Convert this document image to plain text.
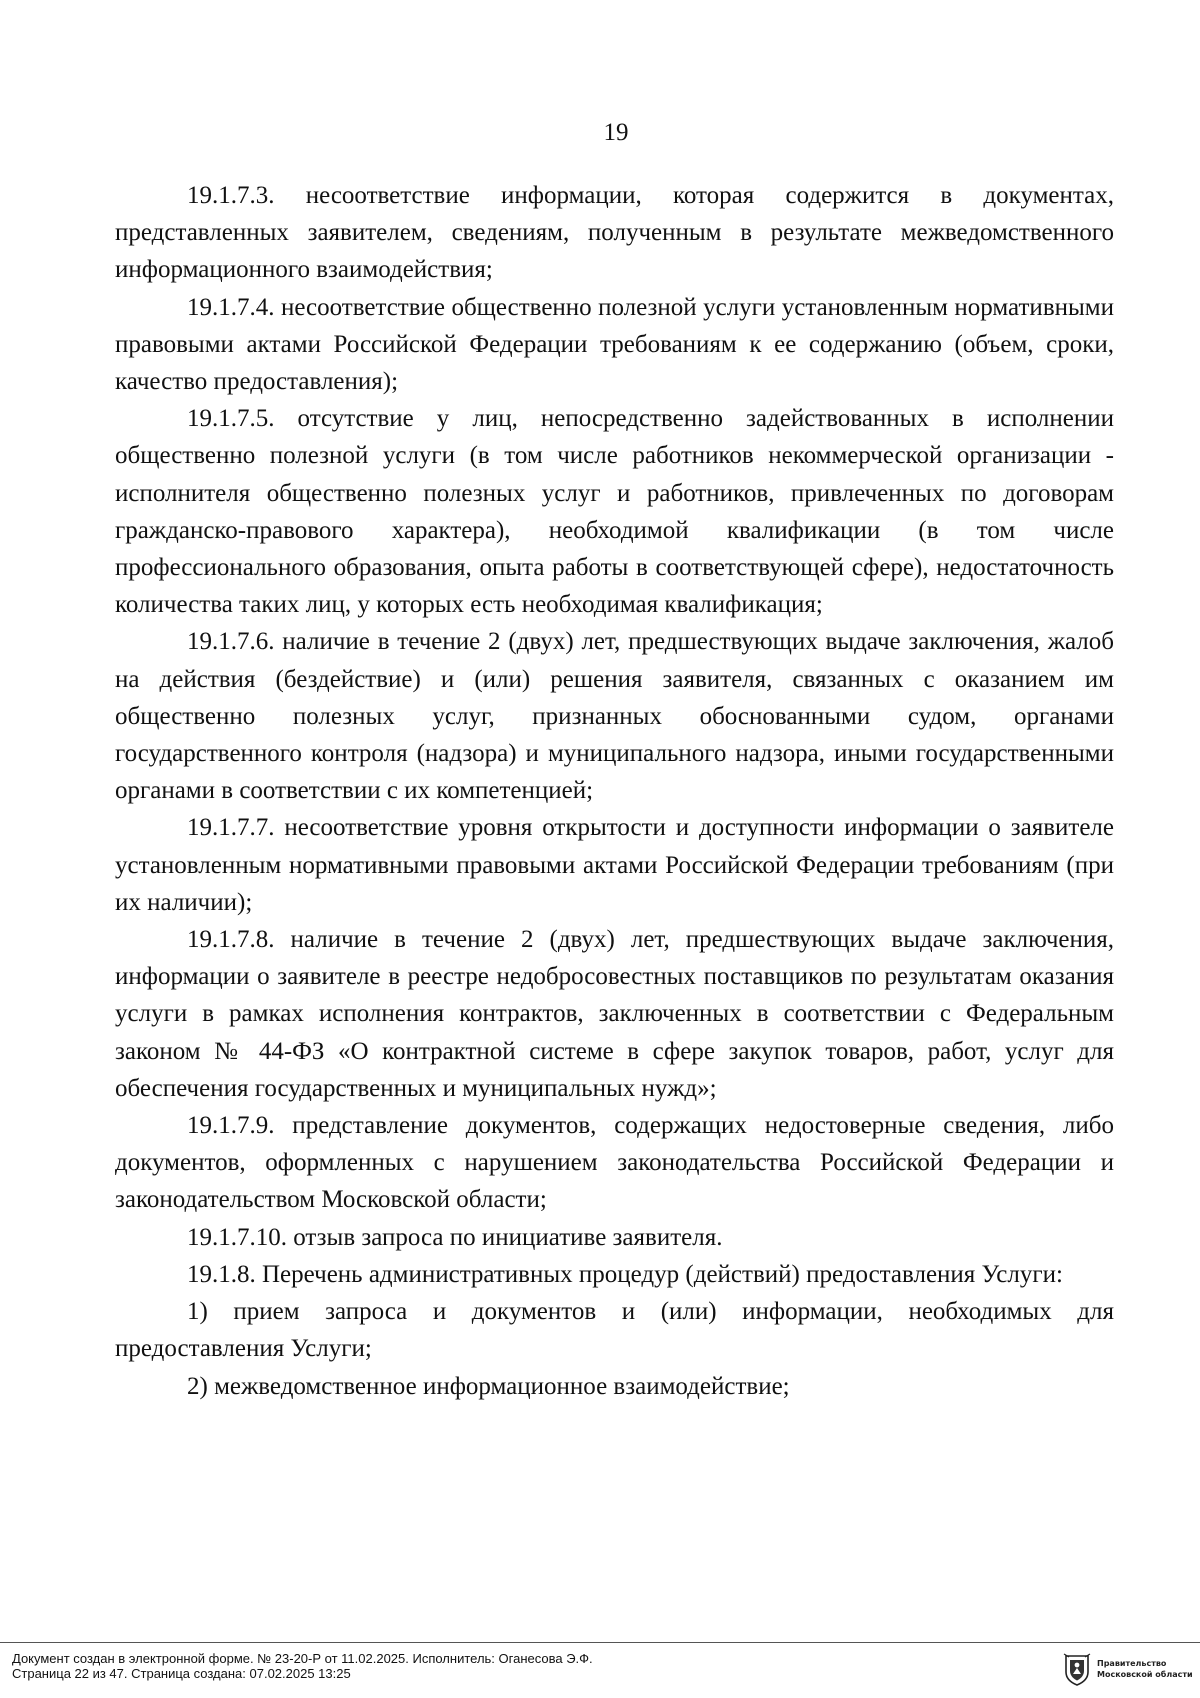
19

19.1.7.3. несоответствие информации, которая содержится в документах, представленных заявителем, сведениям, полученным в результате межведомственного информационного взаимодействия;

19.1.7.4. несоответствие общественно полезной услуги установленным нормативными правовыми актами Российской Федерации требованиям к ее содержанию (объем, сроки, качество предоставления);

19.1.7.5. отсутствие у лиц, непосредственно задействованных в исполнении общественно полезной услуги (в том числе работников некоммерческой организации - исполнителя общественно полезных услуг и работников, привлеченных по договорам гражданско-правового характера), необходимой квалификации (в том числе профессионального образования, опыта работы в соответствующей сфере), недостаточность количества таких лиц, у которых есть необходимая квалификация;

19.1.7.6. наличие в течение 2 (двух) лет, предшествующих выдаче заключения, жалоб на действия (бездействие) и (или) решения заявителя, связанных с оказанием им общественно полезных услуг, признанных обоснованными судом, органами государственного контроля (надзора) и муниципального надзора, иными государственными органами в соответствии с их компетенцией;

19.1.7.7. несоответствие уровня открытости и доступности информации о заявителе установленным нормативными правовыми актами Российской Федерации требованиям (при их наличии);

19.1.7.8. наличие в течение 2 (двух) лет, предшествующих выдаче заключения, информации о заявителе в реестре недобросовестных поставщиков по результатам оказания услуги в рамках исполнения контрактов, заключенных в соответствии с Федеральным законом № 44-ФЗ «О контрактной системе в сфере закупок товаров, работ, услуг для обеспечения государственных и муниципальных нужд»;

19.1.7.9. представление документов, содержащих недостоверные сведения, либо документов, оформленных с нарушением законодательства Российской Федерации и законодательством Московской области;

19.1.7.10. отзыв запроса по инициативе заявителя.

19.1.8. Перечень административных процедур (действий) предоставления Услуги:

1) прием запроса и документов и (или) информации, необходимых для предоставления Услуги;

2) межведомственное информационное взаимодействие;

Документ создан в электронной форме. № 23-20-Р от 11.02.2025. Исполнитель: Оганесова Э.Ф.
Страница 22 из 47. Страница создана: 07.02.2025 13:25
Правительство
Московской области
